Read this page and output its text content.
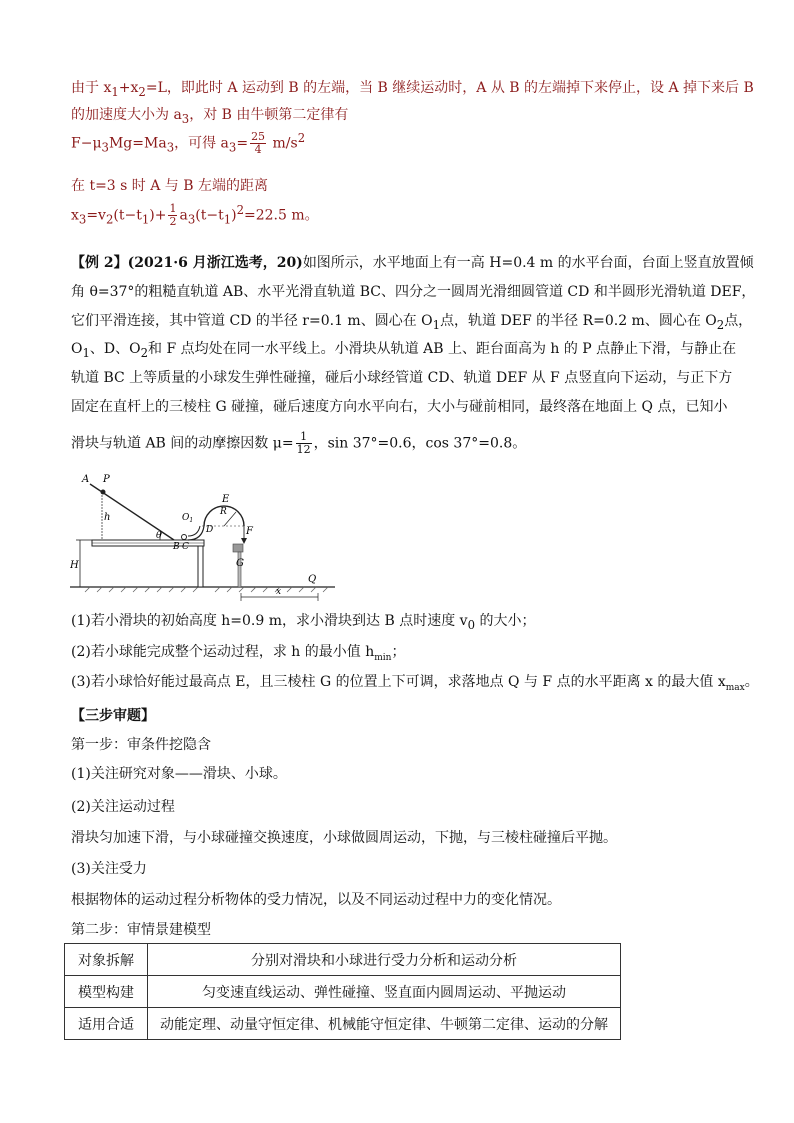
由于 $x_1+x_2=L$，即此时 A 运动到 B 的左端，当 B 继续运动时，A 从 B 的左端掉下来停止，设 A 掉下来后 B
的加速度大小为 $a_3$，对 B 由牛顿第二定律有
$F-\mu_3Mg=Ma_3$，可得 $a_3= \frac{25}{4} m/s^2$
在 t=3 s 时 A 与 B 左端的距离
$x_3=v_2(t-t_1)+ \frac{1}{2} a_3(t-t_1)^2=22.5$ m。
【例 2】(2021·6 月浙江选考，20)如图所示，水平地面上有一高 H=0.4 m 的水平台面，台面上竖直放置倾
角 θ=37°的粗糙直轨道 AB、水平光滑直轨道 BC、四分之一圆周光滑细圆管道 CD 和半圆形光滑轨道 DEF，
它们平滑连接，其中管道 CD 的半径 r=0.1 m、圆心在 $O_1$点，轨道 DEF 的半径 R=0.2 m、圆心在 $O_2$点，
$O_1$、D、$O_2$和 F 点均处在同一水平线上。小滑块从轨道 AB 上、距台面高为 h 的 P 点静止下滑，与静止在
轨道 BC 上等质量的小球发生弹性碰撞，碰后小球经管道 CD、轨道 DEF 从 F 点竖直向下运动，与正下方
固定在直杆上的三棱柱 G 碰撞，碰后速度方向水平向右，大小与碰前相同，最终落在地面上 Q 点，已知小
滑块与轨道 AB 间的动摩擦因数 $\mu= \frac{1}{12}$ ，sin 37°=0.6，cos 37°=0.8。
A P
h
H
θ
B C
$O_1$
D
E
R
F
G
Q
x
(1)若小滑块的初始高度 h=0.9 m，求小滑块到达 B 点时速度 $v_0$ 的大小；
(2)若小球能完成整个运动过程，求 h 的最小值 $h_{min}$；
(3)若小球恰好能过最高点 E，且三棱柱 G 的位置上下可调，求落地点 Q 与 F 点的水平距离 x 的最大值 $x_{max}$。
【三步审题】
第一步：审条件挖隐含
(1)关注研究对象——滑块、小球。
(2)关注运动过程
滑块匀加速下滑，与小球碰撞交换速度，小球做圆周运动，下抛，与三棱柱碰撞后平抛。
(3)关注受力
根据物体的运动过程分析物体的受力情况，以及不同运动过程中力的变化情况。
第二步：审情景建模型
对象拆解	分别对滑块和小球进行受力分析和运动分析
模型构建	匀变速直线运动、弹性碰撞、竖直面内圆周运动、平抛运动
适用合适	动能定理、动量守恒定律、机械能守恒定律、牛顿第二定律、运动的分解
